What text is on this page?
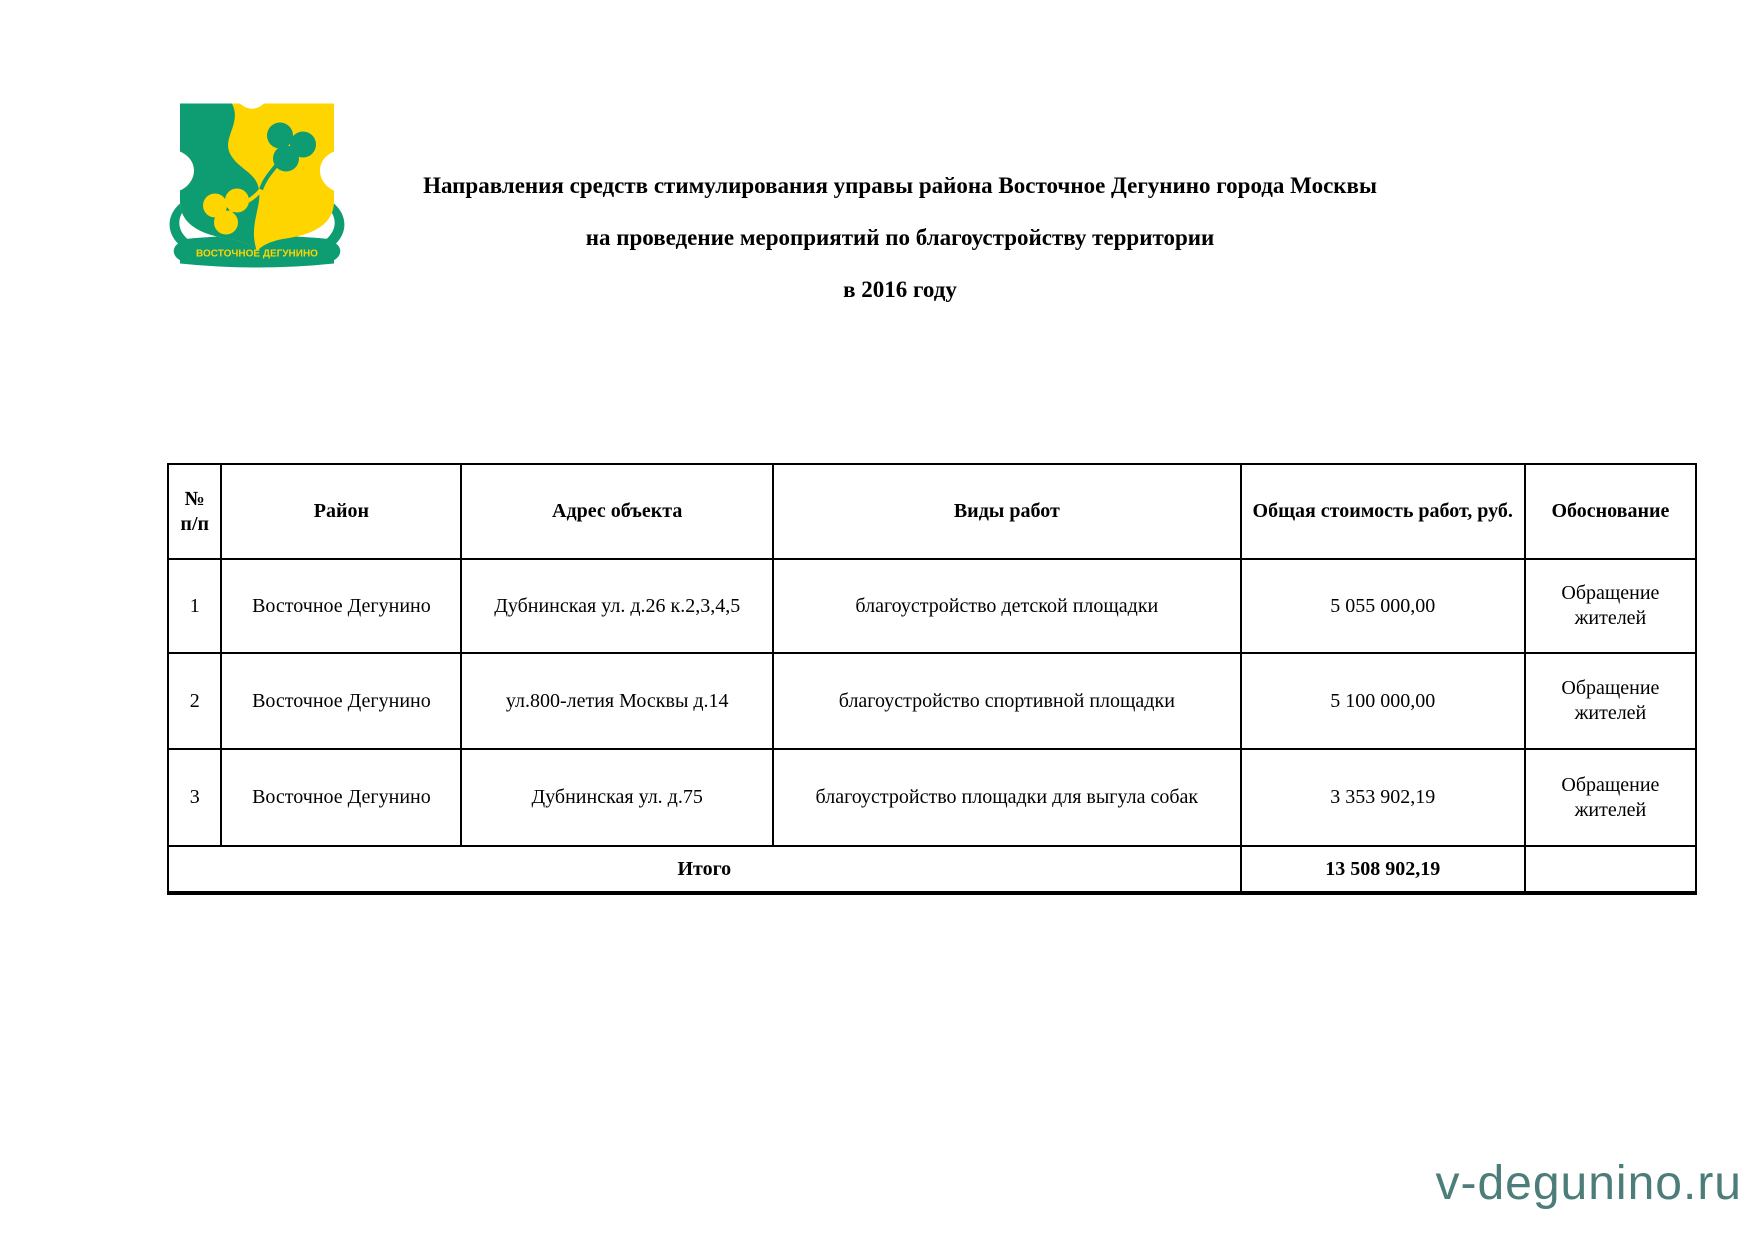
ВОСТОЧНОЕ ДЕГУНИНО
Направления средств стимулирования управы района Восточное Дегунино города Москвы
на проведение мероприятий по благоустройству территории
в 2016 году
№ п/п	Район	Адрес объекта	Виды работ	Общая стоимость работ, руб.	Обоснование
1	Восточное Дегунино	Дубнинская ул. д.26 к.2,3,4,5	благоустройство детской площадки	5 055 000,00	Обращение жителей
2	Восточное Дегунино	ул.800-летия Москвы д.14	благоустройство спортивной площадки	5 100 000,00	Обращение жителей
3	Восточное Дегунино	Дубнинская ул. д.75	благоустройство площадки для выгула собак	3 353 902,19	Обращение жителей
Итого				13 508 902,19	
v-degunino.ru
